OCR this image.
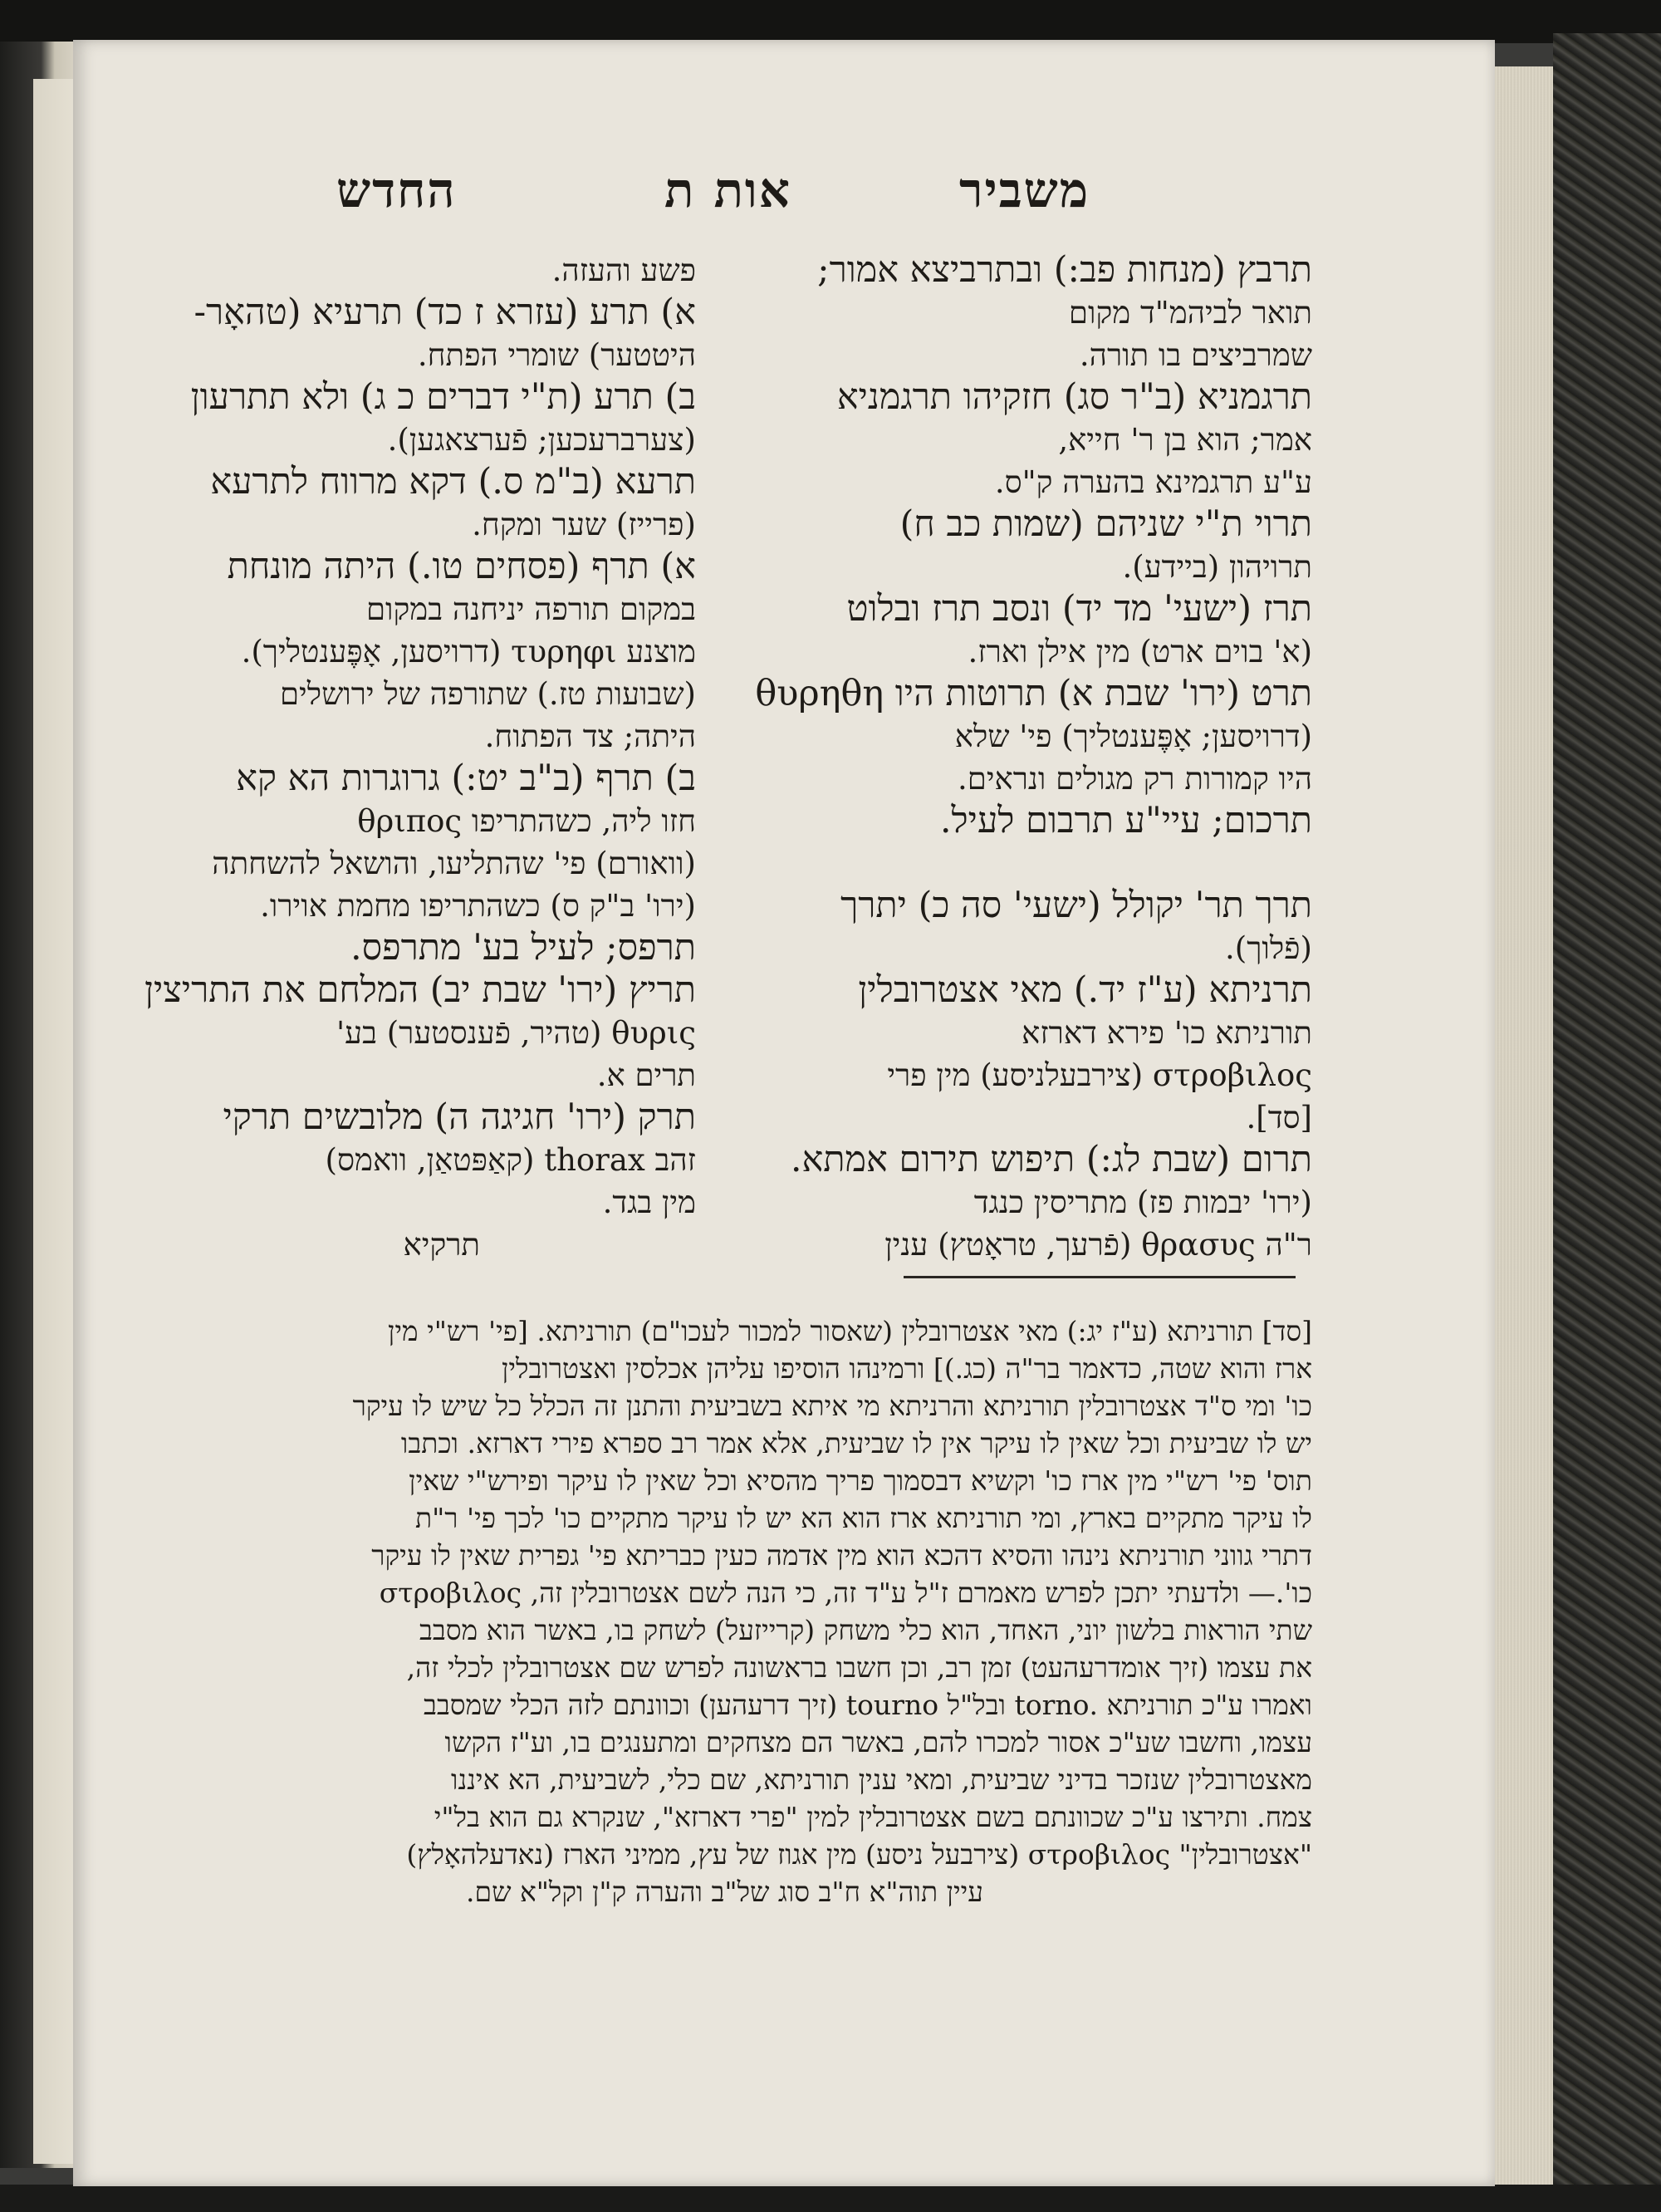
משביר
אות ת
החדש
תרבץ (מנחות פב:) ובתרביצא אמור;
תואר לביהמ"ד מקום
שמרביצים בו תורה.
תרגמניא (ב"ר סג) חזקיהו תרגמניא
אמר; הוא בן ר' חייא,
ע"ע תרגמינא בהערה ק"ס.
תרוי ת"י שניהם (שמות כב ח)
תרויהון (ביידע).
תרז (ישעי' מד יד) ונסב תרז ובלוט
(א' בוים ארט) מין אילן וארז.
תרט (ירו' שבת א) תרוטות היו θυρηθη
(דרויסען; אָפֶּענטליך) פי' שלא
היו קמורות רק מגולים ונראים.
תרכום; עיי"ע תרבום לעיל.
תרך תר' יקולל (ישעי' סה כ) יתרך
(פֿלוך).
תרניתא (ע"ז יד.) מאי אצטרובלין
תורניתא כו' פירא דארזא
στροβιλος (צירבעלניסע) מין פרי
[סד].
תרום (שבת לג:) תיפוש תירום אמתא.
(ירו' יבמות פז) מתריסין כנגד
ר"ה θρασυς (פֿרעך, טראָטץ) ענין
פשע והעזה.
א) תרע (עזרא ז כד) תרעיא (טהאָר-
היטטער) שומרי הפתח.
ב) תרע (ת"י דברים כ ג) ולא תתרעון
(צערברעכען; פֿערצאגען).
תרעא (ב"מ ס.) דקא מרווח לתרעא
(פרייז) שער ומקח.
א) תרף (פסחים טו.) היתה מונחת
במקום תורפה יניחנה במקום
מוצנע τυρηφι (דרויסען, אָפֶּענטליך).
(שבועות טז.) שתורפה של ירושלים
היתה; צד הפתוח.
ב) תרף (ב"ב יט:) גרוגרות הא קא
חזו ליה, כשהתריפו θριπος
(וואורם) פי' שהתליעו, והושאל להשחתה
(ירו' ב"ק ס) כשהתריפו מחמת אוירו.
תרפס; לעיל בע' מתרפס.
תריץ (ירו' שבת יב) המלחם את התריצין
θυρις (טהיר, פֿענסטער) בע'
תרים א.
תרק (ירו' חגיגה ה) מלובשים תרקי
זהב thorax (קאַפּטאַן, וואמס)
מין בגד.
תרקיא
[סד] תורניתא (ע"ז יג:) מאי אצטרובלין (שאסור למכור לעכו"ם) תורניתא. [פי' רש"י מין
ארז והוא שטה, כדאמר בר"ה (כג.)] ורמינהו הוסיפו עליהן אכלסין ואצטרובלין
כו' ומי ס"ד אצטרובלין תורניתא והרניתא מי איתא בשביעית והתנן זה הכלל כל שיש לו עיקר
יש לו שביעית וכל שאין לו עיקר אין לו שביעית, אלא אמר רב ספרא פירי דארזא. וכתבו
תוס' פי' רש"י מין ארז כו' וקשיא דבסמוך פריך מהסיא וכל שאין לו עיקר ופירש"י שאין
לו עיקר מתקיים בארץ, ומי תורניתא ארז הוא הא יש לו עיקר מתקיים כו' לכך פי' ר"ת
דתרי גווני תורניתא נינהו והסיא דהכא הוא מין אדמה כעין כבריתא פי' גפרית שאין לו עיקר
כו'.— ולדעתי יתכן לפרש מאמרם ז"ל ע"ד זה, כי הנה לשם אצטרובלין זה, στροβιλος
שתי הוראות בלשון יוני, האחד, הוא כלי משחק (קרייזעל) לשחק בו, באשר הוא מסבב
את עצמו (זיך אומדרעהעט) זמן רב, וכן חשבו בראשונה לפרש שם אצטרובלין לכלי זה,
ואמרו ע"כ תורניתא .torno ובל"ל tourno (זיך דרעהען) וכוונתם לזה הכלי שמסבב
עצמו, וחשבו שע"כ אסור למכרו להם, באשר הם מצחקים ומתענגים בו, וע"ז הקשו
מאצטרובלין שנזכר בדיני שביעית, ומאי ענין תורניתא, שם כלי, לשביעית, הא איננו
צמח. ותירצו ע"כ שכוונתם בשם אצטרובלין למין "פרי דארזא", שנקרא גם הוא בל"י
"אצטרובלין" στροβιλος (צירבעל ניסע) מין אגוז של עץ, ממיני הארז (נאדעלהאָלץ)
עיין תוה"א ח"ב סוג של"ב והערה ק"ן וקל"א שם.
